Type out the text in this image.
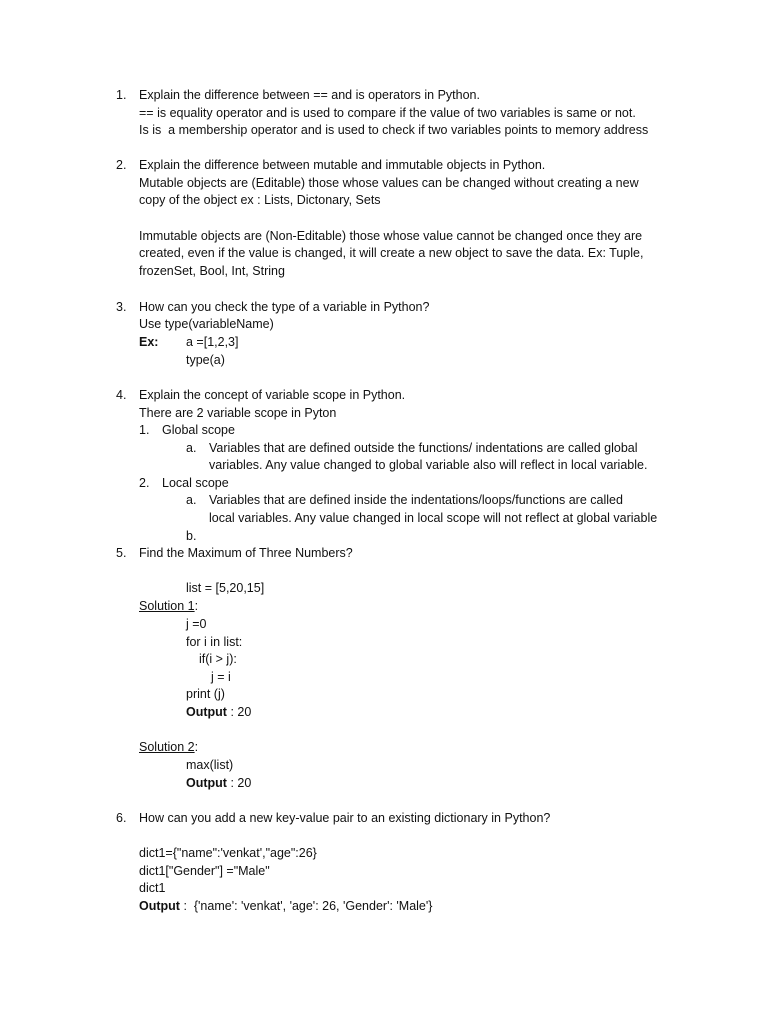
1. Explain the difference between == and is operators in Python.
== is equality operator and is used to compare if the value of two variables is same or not.
Is is  a membership operator and is used to check if two variables points to memory address
2. Explain the difference between mutable and immutable objects in Python.
Mutable objects are (Editable) those whose values can be changed without creating a new
copy of the object ex : Lists, Dictonary, Sets
Immutable objects are (Non-Editable) those whose value cannot be changed once they are
created, even if the value is changed, it will create a new object to save the data. Ex: Tuple,
frozenSet, Bool, Int, String
3. How can you check the type of a variable in Python?
Use type(variableName)
Ex: a =[1,2,3]
type(a)
4. Explain the concept of variable scope in Python.
There are 2 variable scope in Pyton
1. Global scope
a. Variables that are defined outside the functions/ indentations are called global
variables. Any value changed to global variable also will reflect in local variable.
2. Local scope
a. Variables that are defined inside the indentations/loops/functions are called
local variables. Any value changed in local scope will not reflect at global variable
b.
5. Find the Maximum of Three Numbers?
list = [5,20,15]
Solution 1:
j =0
for i in list:
if(i > j):
j = i
print (j)
Output : 20
Solution 2:
max(list)
Output : 20
6. How can you add a new key-value pair to an existing dictionary in Python?
dict1={"name":'venkat',"age":26}
dict1["Gender"] ="Male"
dict1
Output :  {'name': 'venkat', 'age': 26, 'Gender': 'Male'}
